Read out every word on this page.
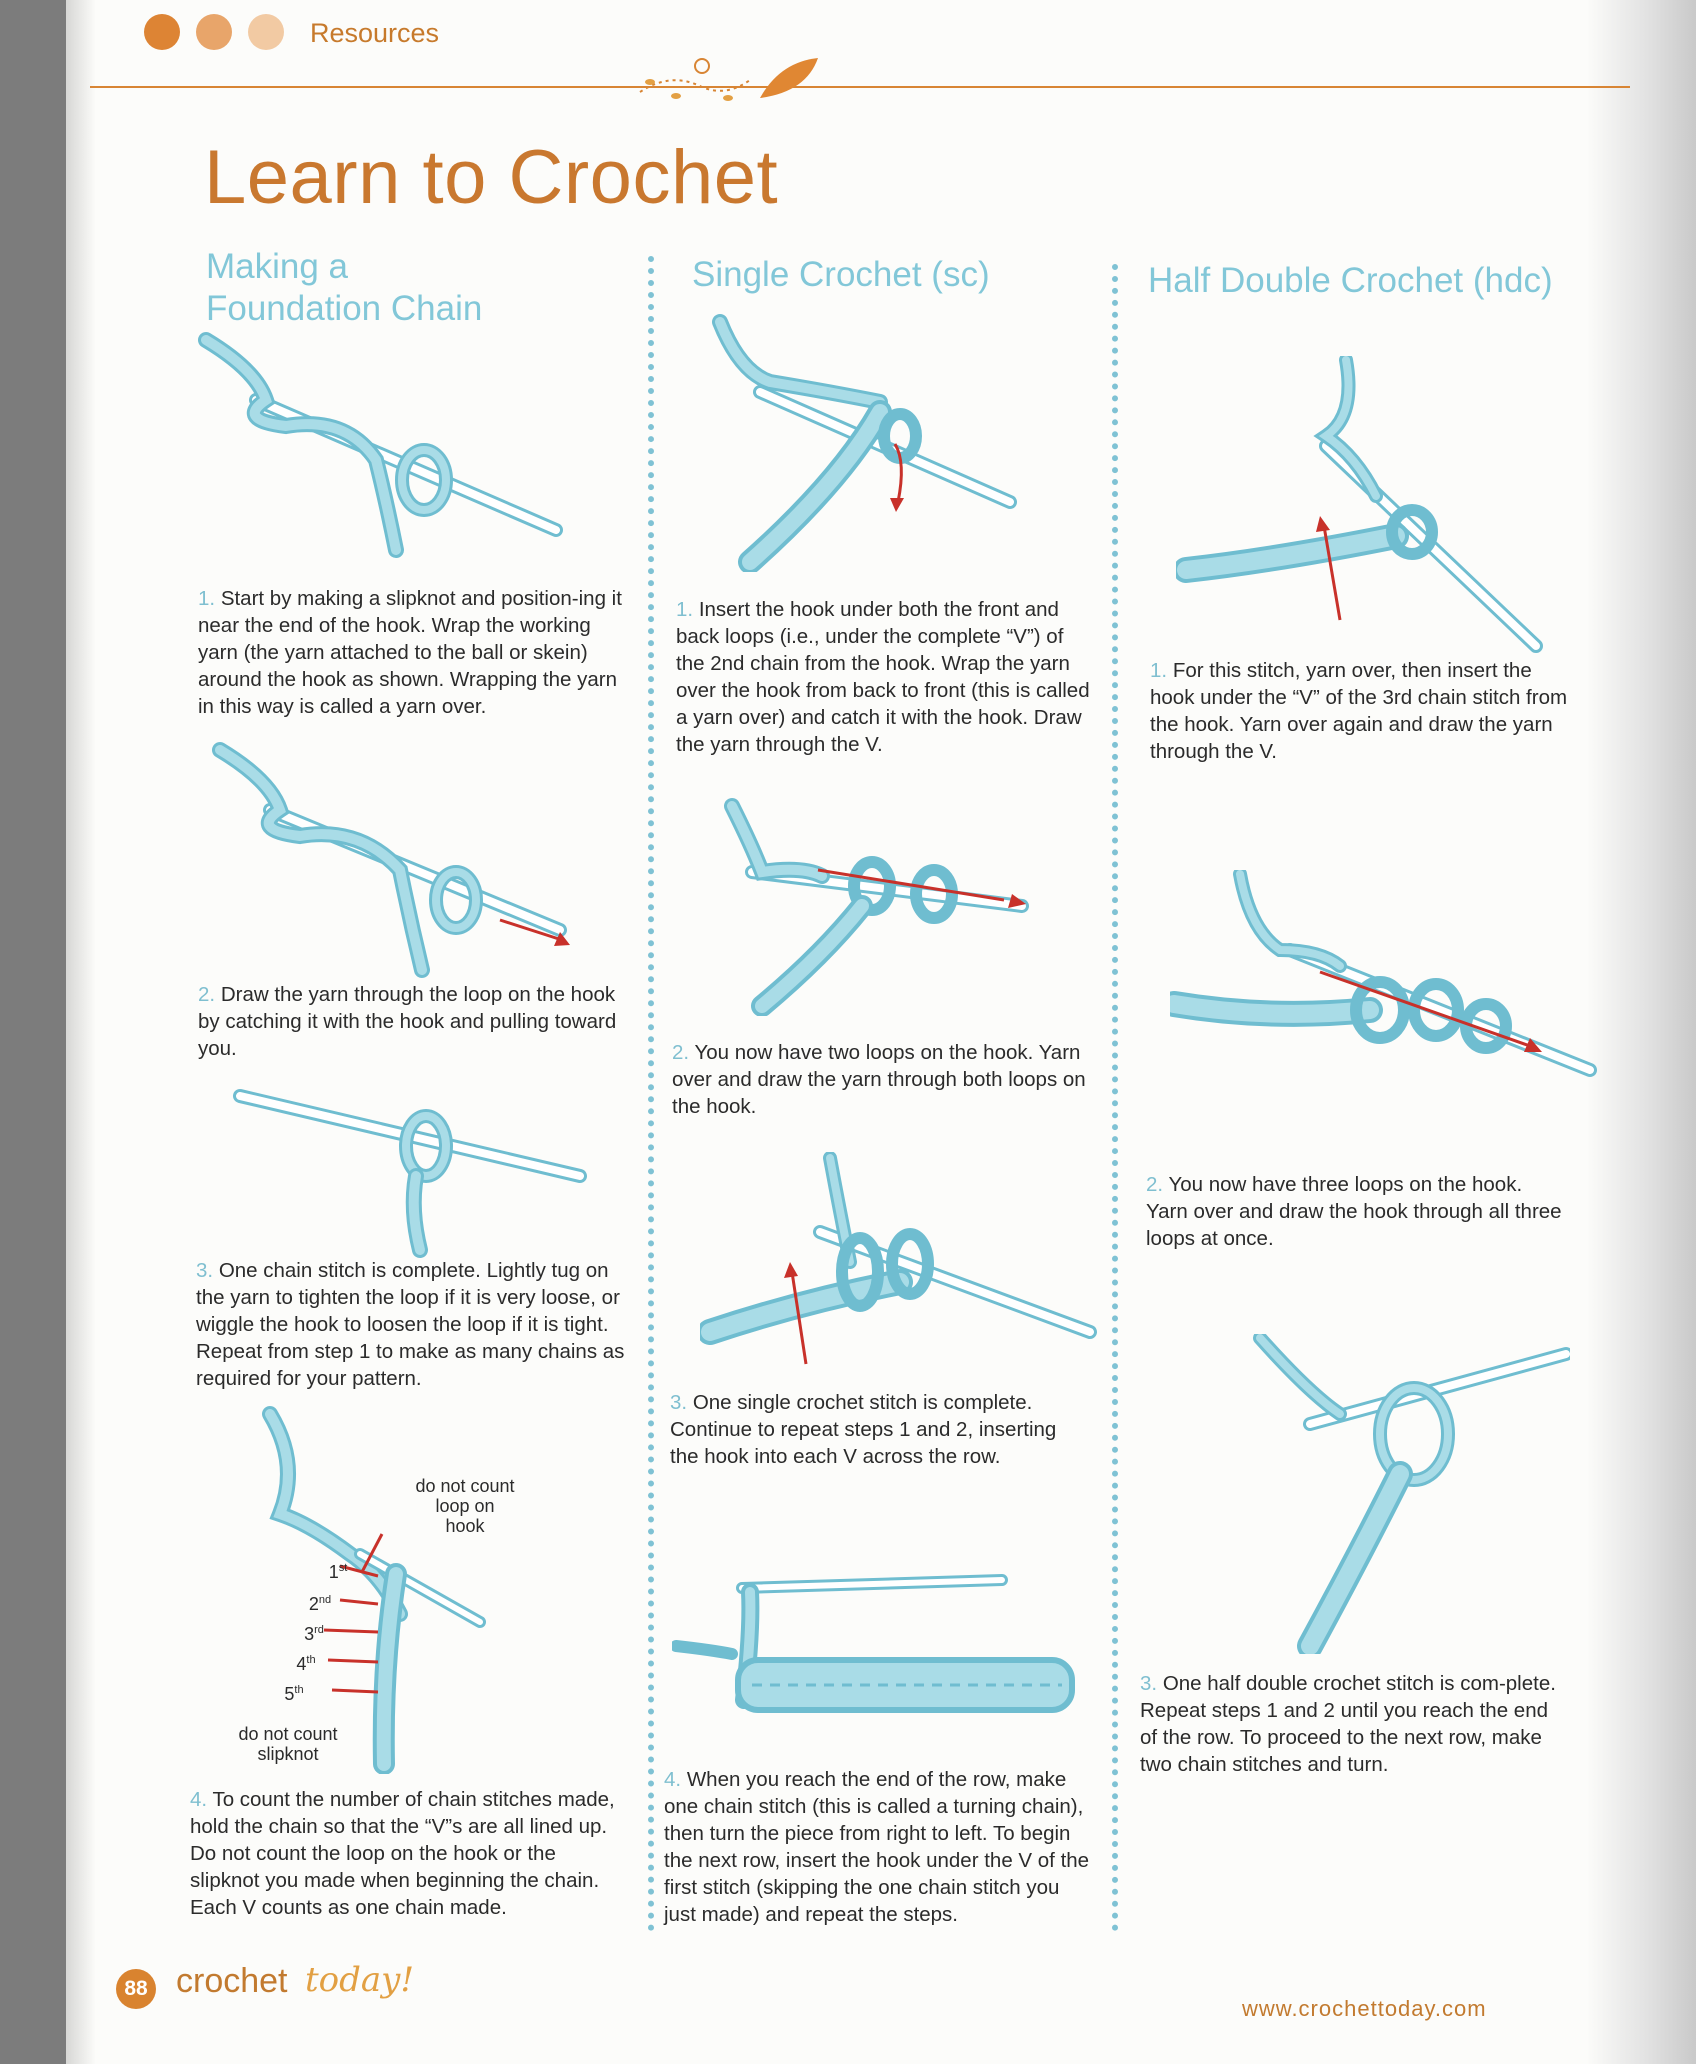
Resources
Learn to Crochet
Making a
Foundation Chain
Single Crochet (sc)	Half Double Crochet (hdc)
1. Start by making a slipknot and position-ing it near the end of the hook. Wrap the working yarn (the yarn attached to the ball or skein) around the hook as shown. Wrapping the yarn in this way is called a yarn over.
2. Draw the yarn through the loop on the hook by catching it with the hook and pulling toward you.
3. One chain stitch is complete. Lightly tug on the yarn to tighten the loop if it is very loose, or wiggle the hook to loosen the loop if it is tight. Repeat from step 1 to make as many chains as required for your pattern.
do not count
loop on
hook
1st
2nd
3rd
4th
5th
do not count
slipknot
4. To count the number of chain stitches made, hold the chain so that the “V”s are all lined up. Do not count the loop on the hook or the slipknot you made when beginning the chain. Each V counts as one chain made.
1. Insert the hook under both the front and back loops (i.e., under the complete “V”) of the 2nd chain from the hook. Wrap the yarn over the hook from back to front (this is called a yarn over) and catch it with the hook. Draw the yarn through the V.
2. You now have two loops on the hook. Yarn over and draw the yarn through both loops on the hook.
3. One single crochet stitch is complete. Continue to repeat steps 1 and 2, inserting the hook into each V across the row.
4. When you reach the end of the row, make one chain stitch (this is called a turning chain), then turn the piece from right to left. To begin the next row, insert the hook under the V of the first stitch (skipping the one chain stitch you just made) and repeat the steps.
1. For this stitch, yarn over, then insert the hook under the “V” of the 3rd chain stitch from the hook. Yarn over again and draw the yarn through the V.
2. You now have three loops on the hook. Yarn over and draw the hook through all three loops at once.
3. One half double crochet stitch is com-plete. Repeat steps 1 and 2 until you reach the end of the row. To proceed to the next row, make two chain stitches and turn.
88 crochet today!
www.crochettoday.com
